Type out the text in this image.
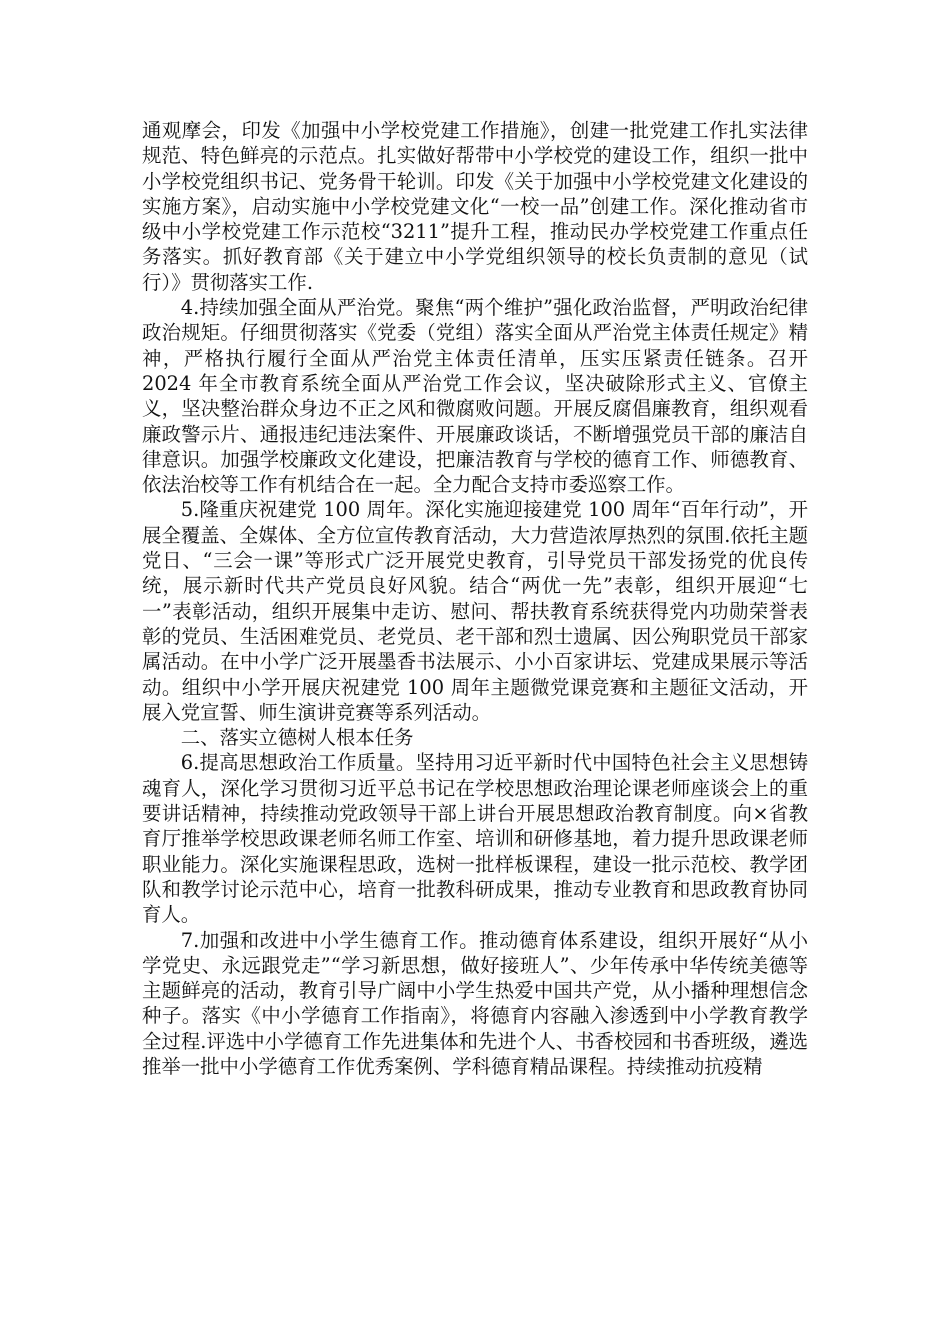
通观摩会，印发《加强中小学校党建工作措施》，创建一批党建工作扎实法律规范、特色鲜亮的示范点。扎实做好帮带中小学校党的建设工作，组织一批中小学校党组织书记、党务骨干轮训。印发《关于加强中小学校党建文化建设的实施方案》，启动实施中小学校党建文化“一校一品”创建工作。深化推动省市级中小学校党建工作示范校“3211”提升工程，推动民办学校党建工作重点任务落实。抓好教育部《关于建立中小学党组织领导的校长负责制的意见（试行）》贯彻落实工作.

4.持续加强全面从严治党。聚焦“两个维护”强化政治监督，严明政治纪律政治规矩。仔细贯彻落实《党委（党组）落实全面从严治党主体责任规定》精神，严格执行履行全面从严治党主体责任清单，压实压紧责任链条。召开 2024 年全市教育系统全面从严治党工作会议，坚决破除形式主义、官僚主义，坚决整治群众身边不正之风和微腐败问题。开展反腐倡廉教育，组织观看廉政警示片、通报违纪违法案件、开展廉政谈话，不断增强党员干部的廉洁自律意识。加强学校廉政文化建设，把廉洁教育与学校的德育工作、师德教育、依法治校等工作有机结合在一起。全力配合支持市委巡察工作。

5.隆重庆祝建党 100 周年。深化实施迎接建党 100 周年“百年行动”，开展全覆盖、全媒体、全方位宣传教育活动，大力营造浓厚热烈的氛围.依托主题党日、“三会一课”等形式广泛开展党史教育，引导党员干部发扬党的优良传统，展示新时代共产党员良好风貌。结合“两优一先”表彰，组织开展迎“七一”表彰活动，组织开展集中走访、慰问、帮扶教育系统获得党内功勋荣誉表彰的党员、生活困难党员、老党员、老干部和烈士遗属、因公殉职党员干部家属活动。在中小学广泛开展墨香书法展示、小小百家讲坛、党建成果展示等活动。组织中小学开展庆祝建党 100 周年主题微党课竞赛和主题征文活动，开展入党宣誓、师生演讲竞赛等系列活动。

二、落实立德树人根本任务

6.提高思想政治工作质量。坚持用习近平新时代中国特色社会主义思想铸魂育人，深化学习贯彻习近平总书记在学校思想政治理论课老师座谈会上的重要讲话精神，持续推动党政领导干部上讲台开展思想政治教育制度。向×省教育厅推举学校思政课老师名师工作室、培训和研修基地，着力提升思政课老师职业能力。深化实施课程思政，选树一批样板课程，建设一批示范校、教学团队和教学讨论示范中心，培育一批教科研成果，推动专业教育和思政教育协同育人。

7.加强和改进中小学生德育工作。推动德育体系建设，组织开展好“从小学党史、永远跟党走”“学习新思想，做好接班人”、少年传承中华传统美德等主题鲜亮的活动，教育引导广阔中小学生热爱中国共产党，从小播种理想信念种子。落实《中小学德育工作指南》，将德育内容融入渗透到中小学教育教学全过程.评选中小学德育工作先进集体和先进个人、书香校园和书香班级，遴选推举一批中小学德育工作优秀案例、学科德育精品课程。持续推动抗疫精
